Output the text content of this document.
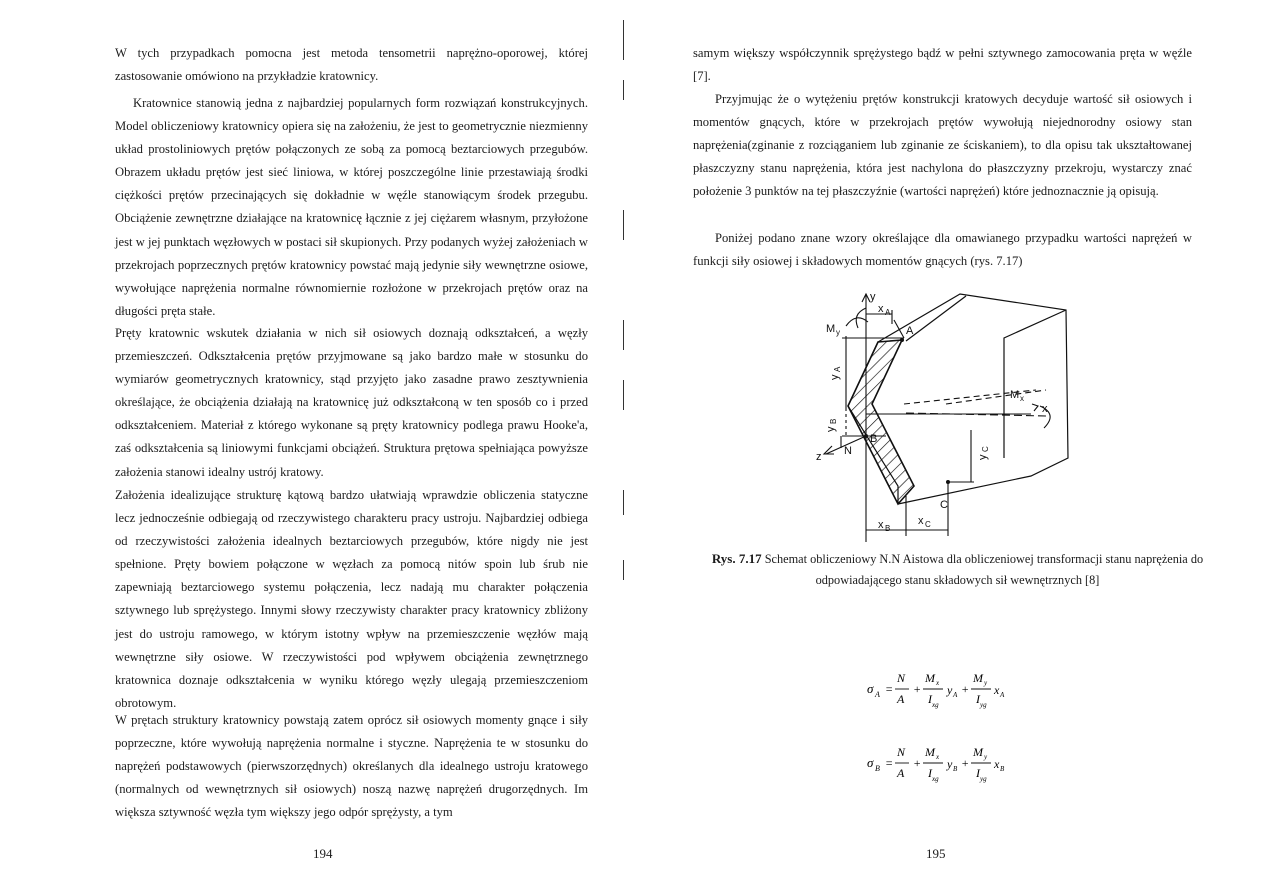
W tych przypadkach pomocna jest metoda tensometrii naprężno-oporowej, której zastosowanie omówiono na przykładzie kratownicy.

Kratownice stanowią jedna z najbardziej popularnych form rozwiązań konstrukcyjnych. Model obliczeniowy kratownicy opiera się na założeniu, że jest to geometrycznie niezmienny układ prostoliniowych prętów połączonych ze sobą za pomocą beztarciowych przegubów. Obrazem układu prętów jest sieć liniowa, w której poszczególne linie przestawiają środki ciężkości prętów przecinających się dokładnie w węźle stanowiącym środek przegubu. Obciążenie zewnętrzne działające na kratownicę łącznie z jej ciężarem własnym, przyłożone jest w jej punktach węzłowych w postaci sił skupionych. Przy podanych wyżej założeniach w przekrojach poprzecznych prętów kratownicy powstać mają jedynie siły wewnętrzne osiowe, wywołujące naprężenia normalne równomiernie rozłożone w przekrojach prętów oraz na długości pręta stałe.

Pręty kratownic wskutek działania w nich sił osiowych doznają odkształceń, a węzły przemieszczeń. Odkształcenia prętów przyjmowane są jako bardzo małe w stosunku do wymiarów geometrycznych kratownicy, stąd przyjęto jako zasadne prawo zesztywnienia określające, że obciążenia działają na kratownicę już odkształconą w ten sposób co i przed odkształceniem. Materiał z którego wykonane są pręty kratownicy podlega prawu Hooke'a, zaś odkształcenia są liniowymi funkcjami obciążeń. Struktura prętowa spełniająca powyższe założenia stanowi idealny ustrój kratowy.

Założenia idealizujące strukturę kątową bardzo ułatwiają wprawdzie obliczenia statyczne lecz jednocześnie odbiegają od rzeczywistego charakteru pracy ustroju. Najbardziej odbiega od rzeczywistości założenia idealnych beztarciowych przegubów, które nigdy nie jest spełnione. Pręty bowiem połączone w węzłach za pomocą nitów spoin lub śrub nie zapewniają beztarciowego systemu połączenia, lecz nadają mu charakter połączenia sztywnego lub sprężystego. Innymi słowy rzeczywisty charakter pracy kratownicy zbliżony jest do ustroju ramowego, w którym istotny wpływ na przemieszczenie węzłów mają wewnętrzne siły osiowe. W rzeczywistości pod wpływem obciążenia zewnętrznego kratownica doznaje odkształcenia w wyniku którego węzły ulegają przemieszczeniom obrotowym.

W prętach struktury kratownicy powstają zatem oprócz sił osiowych momenty gnące i siły poprzeczne, które wywołują naprężenia normalne i styczne. Naprężenia te w stosunku do naprężeń podstawowych (pierwszorzędnych) określanych dla idealnego ustroju kratowego (normalnych od wewnętrznych sił osiowych) noszą nazwę naprężeń drugorzędnych. Im większa sztywność węzła tym większy jego odpór sprężysty, a tym

194

samym większy współczynnik sprężystego bądź w pełni sztywnego zamocowania pręta w węźle [7].

Przyjmując że o wytężeniu prętów konstrukcji kratowych decyduje wartość sił osiowych i momentów gnących, które w przekrojach prętów wywołują niejednorodny osiowy stan naprężenia(zginanie z rozciąganiem lub zginanie ze ściskaniem), to dla opisu tak ukształtowanej płaszczyzny stanu naprężenia, która jest nachylona do płaszczyzny przekroju, wystarczy znać położenie 3 punktów na tej płaszczyźnie (wartości naprężeń) które jednoznacznie ją opisują.

Poniżej podano znane wzory określające dla omawianego przypadku wartości naprężeń w funkcji siły osiowej i składowych momentów gnących (rys. 7.17)

y
x A
M y	A
y
A
M x
x
y
B
B
z N
y
C
C
x B
x C
Rys. 7.17 Schemat obliczeniowy N.N Aistowa dla obliczeniowej transformacji stanu naprężenia do odpowiadającego stanu składowych sił wewnętrznych [8]
σ A =
N
A
+
M x
I xg
y A +
M y
I yg
x A
σ B =
N
A
+
M x
I xg
y B +
M y
I yg
x B
195
